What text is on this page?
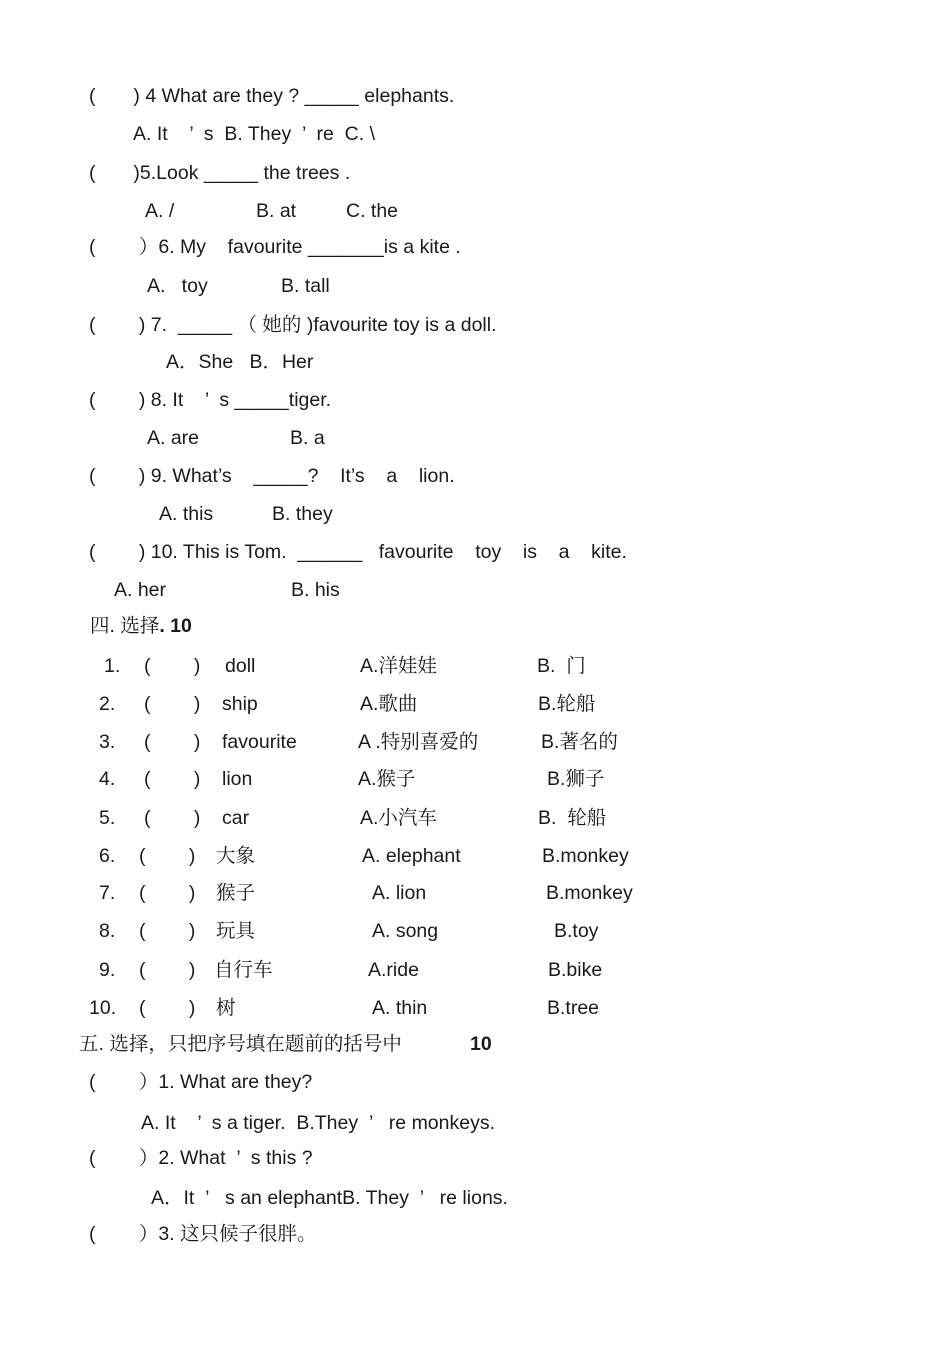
(       ) 4 What are they ? _____ elephants.
A. It    ’  s  B. They  ’  re  C. \
(       )5.Look _____ the trees .
A. /	B. at	C. the
(        ）6. My    favourite _______is a kite .
A.   toy	B. tall
(        ) 7.  _____ （ 她的 )favourite toy is a doll.
A．She   B．Her
(        ) 8. It    ’  s _____tiger.
A. are	B. a
(        ) 9. What’s    _____?    It’s    a    lion.
A. this	B. they
(        ) 10. This is Tom.  ______   favourite    toy    is    a    kite.
A. her	B. his
四. 选择. 10
1. (        ) doll	A.洋娃娃	B.  门
2. (        ) ship	A.歌曲	B.轮船
3. (        ) favourite	A .特别喜爱的	B.著名的
4. (        ) lion	A.猴子	B.狮子
5. (        ) car	A.小汽车	B.  轮船
6. (        ) 大象	A. elephant	B.monkey
7. (        ) 猴子	A. lion	B.monkey
8. (        ) 玩具	A. song	B.toy
9. (        ) 自行车	A.ride	B.bike
10. (        ) 树	A. thin	B.tree
五. 选择，只把序号填在题前的括号中	10
(        ）1. What are they?
A. It    ’  s a tiger.  B.They  ’   re monkeys.
(        ）2. What  ’  s this ?
A．It  ’   s an elephantB. They  ’   re lions.
(        ）3. 这只候子很胖。
